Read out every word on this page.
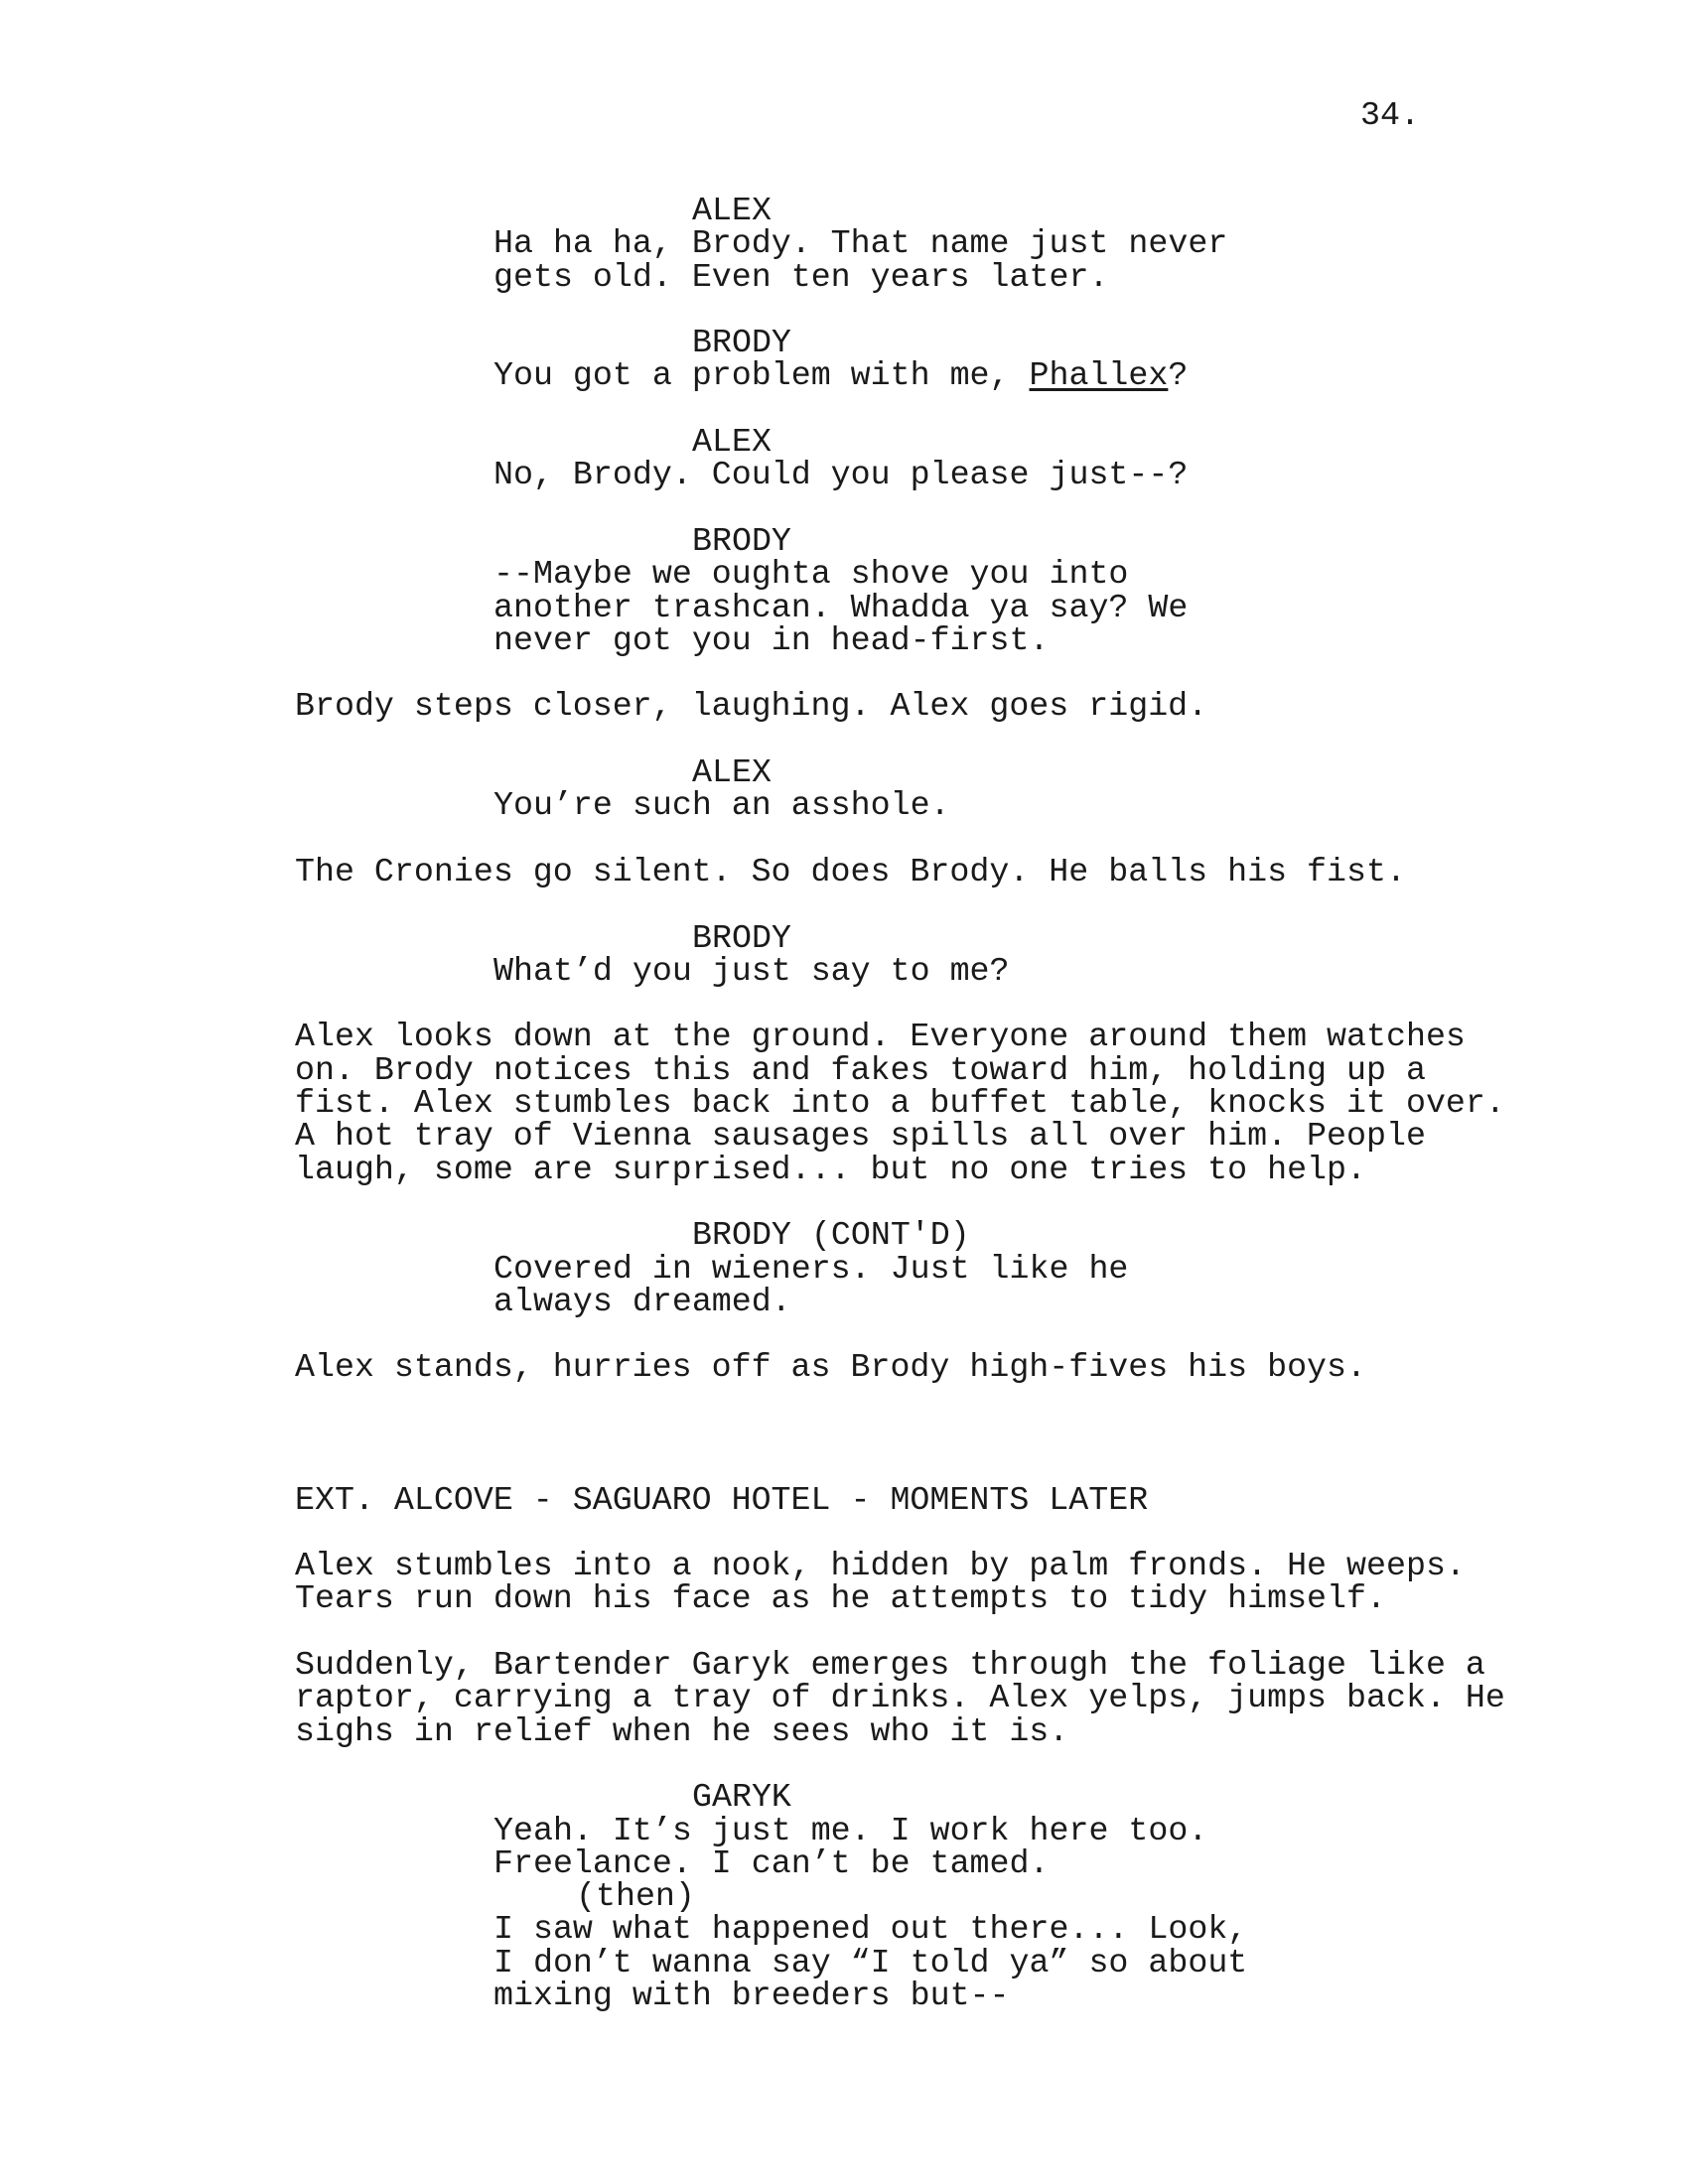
34.
ALEX
Ha ha ha, Brody. That name just never
gets old. Even ten years later.
BRODY
You got a problem with me, Phallex?
ALEX
No, Brody. Could you please just--?
BRODY
--Maybe we oughta shove you into
another trashcan. Whadda ya say? We
never got you in head-first.
Brody steps closer, laughing. Alex goes rigid.
ALEX
You’re such an asshole.
The Cronies go silent. So does Brody. He balls his fist.
BRODY
What’d you just say to me?
Alex looks down at the ground. Everyone around them watches
on. Brody notices this and fakes toward him, holding up a
fist. Alex stumbles back into a buffet table, knocks it over.
A hot tray of Vienna sausages spills all over him. People
laugh, some are surprised... but no one tries to help.
BRODY (CONT'D)
Covered in wieners. Just like he
always dreamed.
Alex stands, hurries off as Brody high-fives his boys.
EXT. ALCOVE - SAGUARO HOTEL - MOMENTS LATER
Alex stumbles into a nook, hidden by palm fronds. He weeps.
Tears run down his face as he attempts to tidy himself.
Suddenly, Bartender Garyk emerges through the foliage like a
raptor, carrying a tray of drinks. Alex yelps, jumps back. He
sighs in relief when he sees who it is.
GARYK
Yeah. It’s just me. I work here too.
Freelance. I can’t be tamed.
(then)
I saw what happened out there... Look,
I don’t wanna say “I told ya” so about
mixing with breeders but--
